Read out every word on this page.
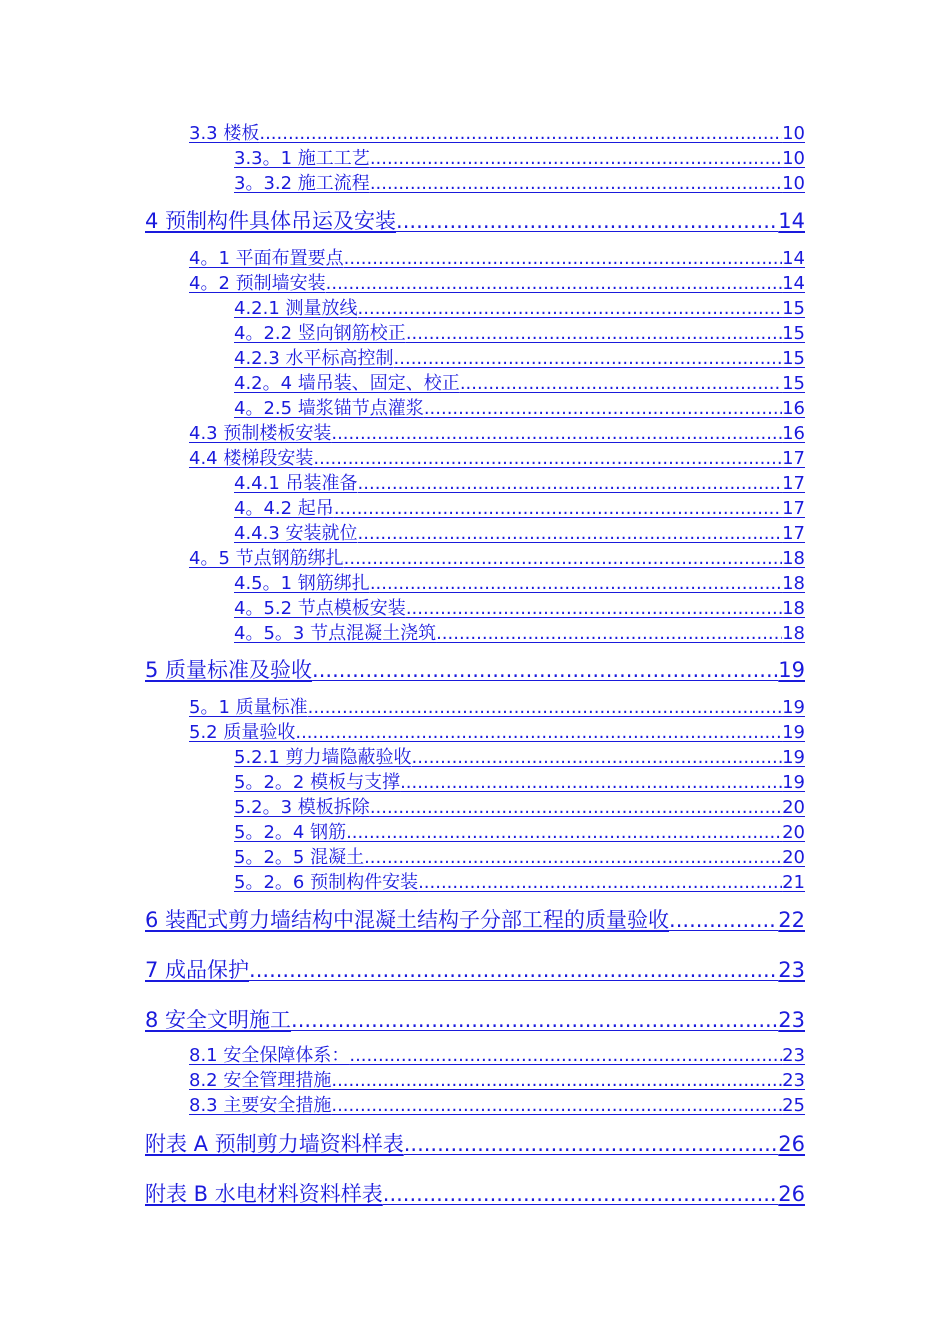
3.3 楼板 .....	10
3.3。1 施工工艺 .....	10
3。3.2 施工流程 .....	10
4 预制构件具体吊运及安装 .....	14
4。1 平面布置要点 .....	14
4。2 预制墙安装 .....	14
4.2.1 测量放线 .....	15
4。2.2 竖向钢筋校正 .....	15
4.2.3 水平标高控制 .....	15
4.2。4 墙吊装、固定、校正 .....	15
4。2.5 墙浆锚节点灌浆 .....	16
4.3 预制楼板安装 .....	16
4.4 楼梯段安装 .....	17
4.4.1 吊装准备 .....	17
4。4.2 起吊 .....	17
4.4.3 安装就位 .....	17
4。5 节点钢筋绑扎 .....	18
4.5。1 钢筋绑扎 .....	18
4。5.2 节点模板安装 .....	18
4。5。3 节点混凝土浇筑 .....	18
5 质量标准及验收 .....	19
5。1 质量标准 .....	19
5.2 质量验收 .....	19
5.2.1 剪力墙隐蔽验收 .....	19
5。2。2 模板与支撑 .....	19
5.2。3 模板拆除 .....	20
5。2。4 钢筋 .....	20
5。2。5 混凝土 .....	20
5。2。6 预制构件安装 .....	21
6 装配式剪力墙结构中混凝土结构子分部工程的质量验收 .....	22
7 成品保护 .....	23
8 安全文明施工 .....	23
8.1 安全保障体系： .....	23
8.2 安全管理措施 .....	23
8.3 主要安全措施 .....	25
附表 A 预制剪力墙资料样表 .....	26
附表 B 水电材料资料样表 .....	26
